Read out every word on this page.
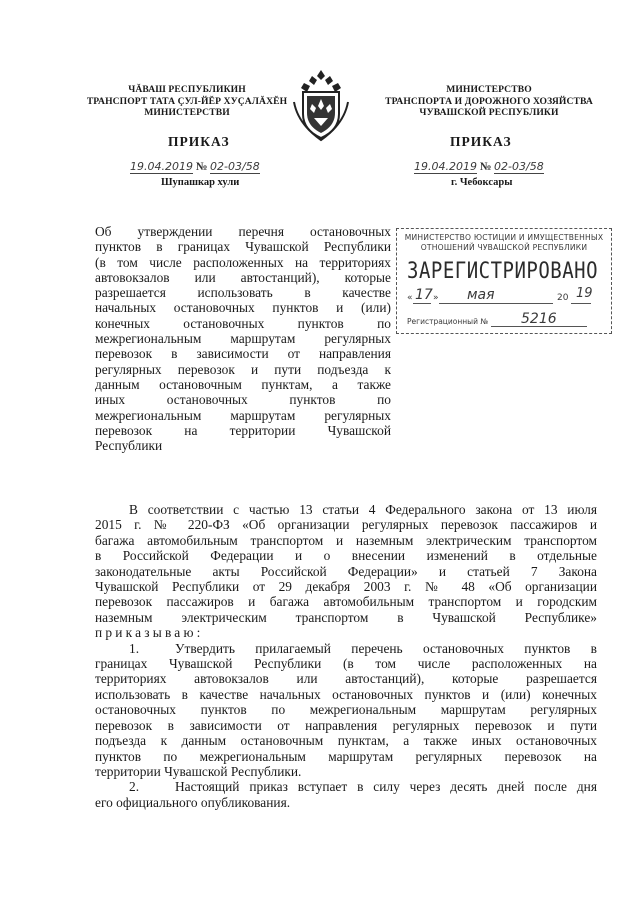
ЧĂВАШ РЕСПУБЛИКИН
ТРАНСПОРТ ТАТА ÇУЛ-ЙĔР ХУÇАЛĂХĔН
МИНИСТЕРСТВИ
МИНИСТЕРСТВО
ТРАНСПОРТА И ДОРОЖНОГО ХОЗЯЙСТВА
ЧУВАШСКОЙ РЕСПУБЛИКИ
ПРИКАЗ	ПРИКАЗ
19.04.2019 № 02-03/58	19.04.2019 № 02-03/58
Шупашкар хули	г. Чебоксары
Об утверждении перечня остановочных
пунктов в границах Чувашской Республики
(в том числе расположенных на территориях
автовокзалов или автостанций), которые
разрешается использовать в качестве
начальных остановочных пунктов и (или)
конечных остановочных пунктов по
межрегиональным маршрутам регулярных
перевозок в зависимости от направления
регулярных перевозок и пути подъезда к
данным остановочным пунктам, а также
иных остановочных пунктов по
межрегиональным маршрутам регулярных
перевозок на территории Чувашской
Республики
МИНИСТЕРСТВО ЮСТИЦИИ И ИМУЩЕСТВЕННЫХ
ОТНОШЕНИЙ ЧУВАШСКОЙ РЕСПУБЛИКИ
ЗАРЕГИСТРИРОВАНО
« 17 » мая	20 19
Регистрационный № 5216

В соответствии с частью 13 статьи 4 Федерального закона от 13 июля
2015 г. № 220-ФЗ «Об организации регулярных перевозок пассажиров и
багажа автомобильным транспортом и наземным электрическим транспортом
в Российской Федерации и о внесении изменений в отдельные
законодательные акты Российской Федерации» и статьей 7 Закона
Чувашской Республики от 29 декабря 2003 г. № 48 «Об организации
перевозок пассажиров и багажа автомобильным транспортом и городским
наземным электрическим транспортом в Чувашской Республике»
приказываю:

1.	Утвердить прилагаемый перечень остановочных пунктов в
границах Чувашской Республики (в том числе расположенных на
территориях автовокзалов или автостанций), которые разрешается
использовать в качестве начальных остановочных пунктов и (или) конечных
остановочных пунктов по межрегиональным маршрутам регулярных
перевозок в зависимости от направления регулярных перевозок и пути
подъезда к данным остановочным пунктам, а также иных остановочных
пунктов по межрегиональным маршрутам регулярных перевозок на
территории Чувашской Республики.

2.	Настоящий приказ вступает в силу через десять дней после дня
его официального опубликования.
